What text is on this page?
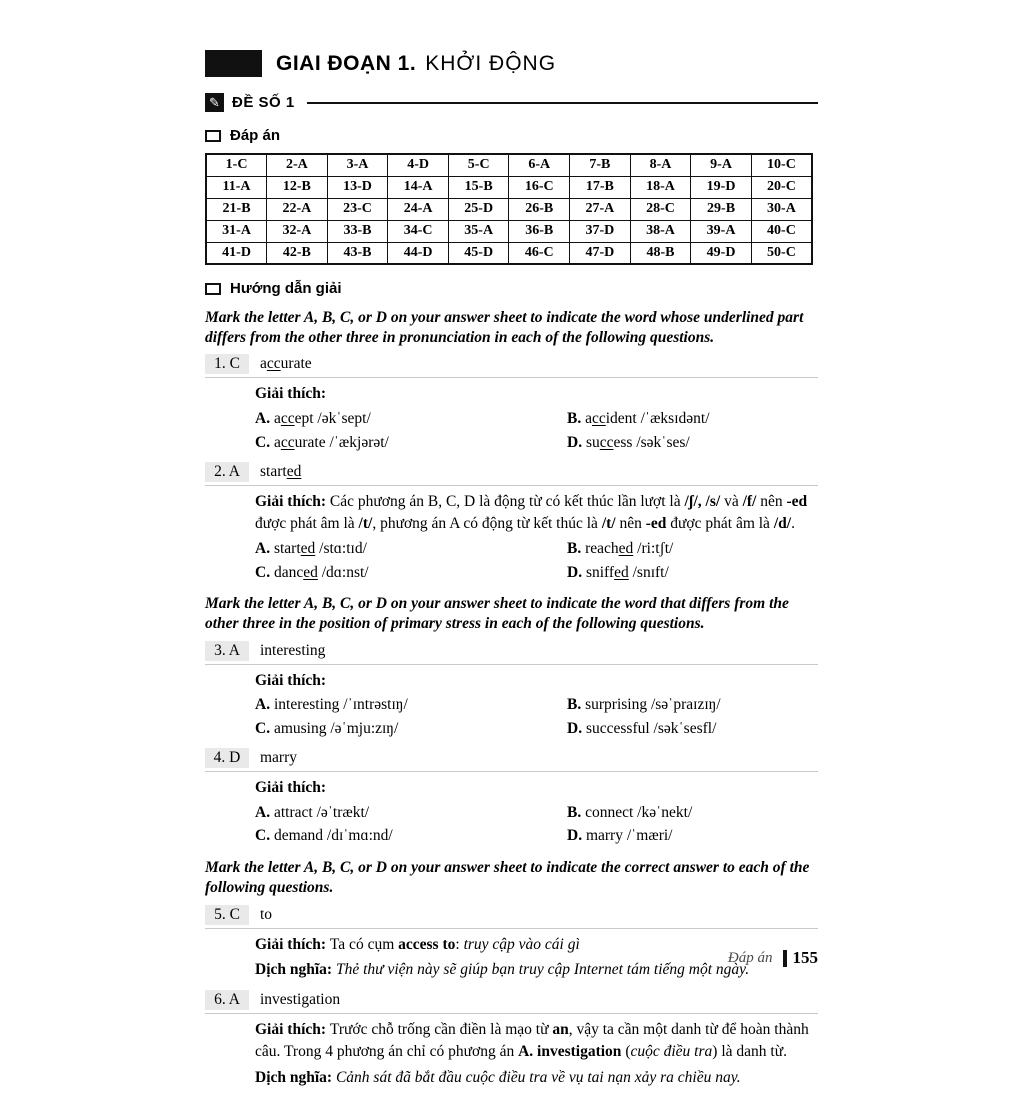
GIAI ĐOẠN 1. KHỞI ĐỘNG
✎ ĐỀ SỐ 1
Đáp án
1-C	2-A	3-A	4-D	5-C	6-A	7-B	8-A	9-A	10-C
11-A	12-B	13-D	14-A	15-B	16-C	17-B	18-A	19-D	20-C
21-B	22-A	23-C	24-A	25-D	26-B	27-A	28-C	29-B	30-A
31-A	32-A	33-B	34-C	35-A	36-B	37-D	38-A	39-A	40-C
41-D	42-B	43-B	44-D	45-D	46-C	47-D	48-B	49-D	50-C
Hướng dẫn giải

Mark the letter A, B, C, or D on your answer sheet to indicate the word whose underlined part differs from the other three in pronunciation in each of the following questions.

1. C	accurate

Giải thích:

A. accept /əkˈsept/	B. accident /ˈæksɪdənt/
C. accurate /ˈækjərət/	D. success /səkˈses/
2. A	started

Giải thích: Các phương án B, C, D là động từ có kết thúc lần lượt là /ʃ/, /s/ và /f/ nên -ed được phát âm là /t/, phương án A có động từ kết thúc là /t/ nên -ed được phát âm là /d/.

A. started /stɑ:tɪd/	B. reached /ri:tʃt/
C. danced /dɑ:nst/	D. sniffed /snɪft/

Mark the letter A, B, C, or D on your answer sheet to indicate the word that differs from the other three in the position of primary stress in each of the following questions.

3. A	interesting

Giải thích:

A. interesting /ˈɪntrəstɪŋ/	B. surprising /səˈpraɪzɪŋ/
C. amusing /əˈmju:zɪŋ/	D. successful /səkˈsesfl/
4. D	marry

Giải thích:

A. attract /əˈtrækt/	B. connect /kəˈnekt/
C. demand /dɪˈmɑ:nd/	D. marry /ˈmæri/

Mark the letter A, B, C, or D on your answer sheet to indicate the correct answer to each of the following questions.

5. C	to

Giải thích: Ta có cụm access to: truy cập vào cái gì

Dịch nghĩa: Thẻ thư viện này sẽ giúp bạn truy cập Internet tám tiếng một ngày.

6. A	investigation

Giải thích: Trước chỗ trống cần điền là mạo từ an, vậy ta cần một danh từ để hoàn thành câu. Trong 4 phương án chỉ có phương án A. investigation (cuộc điều tra) là danh từ.

Dịch nghĩa: Cảnh sát đã bắt đầu cuộc điều tra về vụ tai nạn xảy ra chiều nay.

Đáp án 155
